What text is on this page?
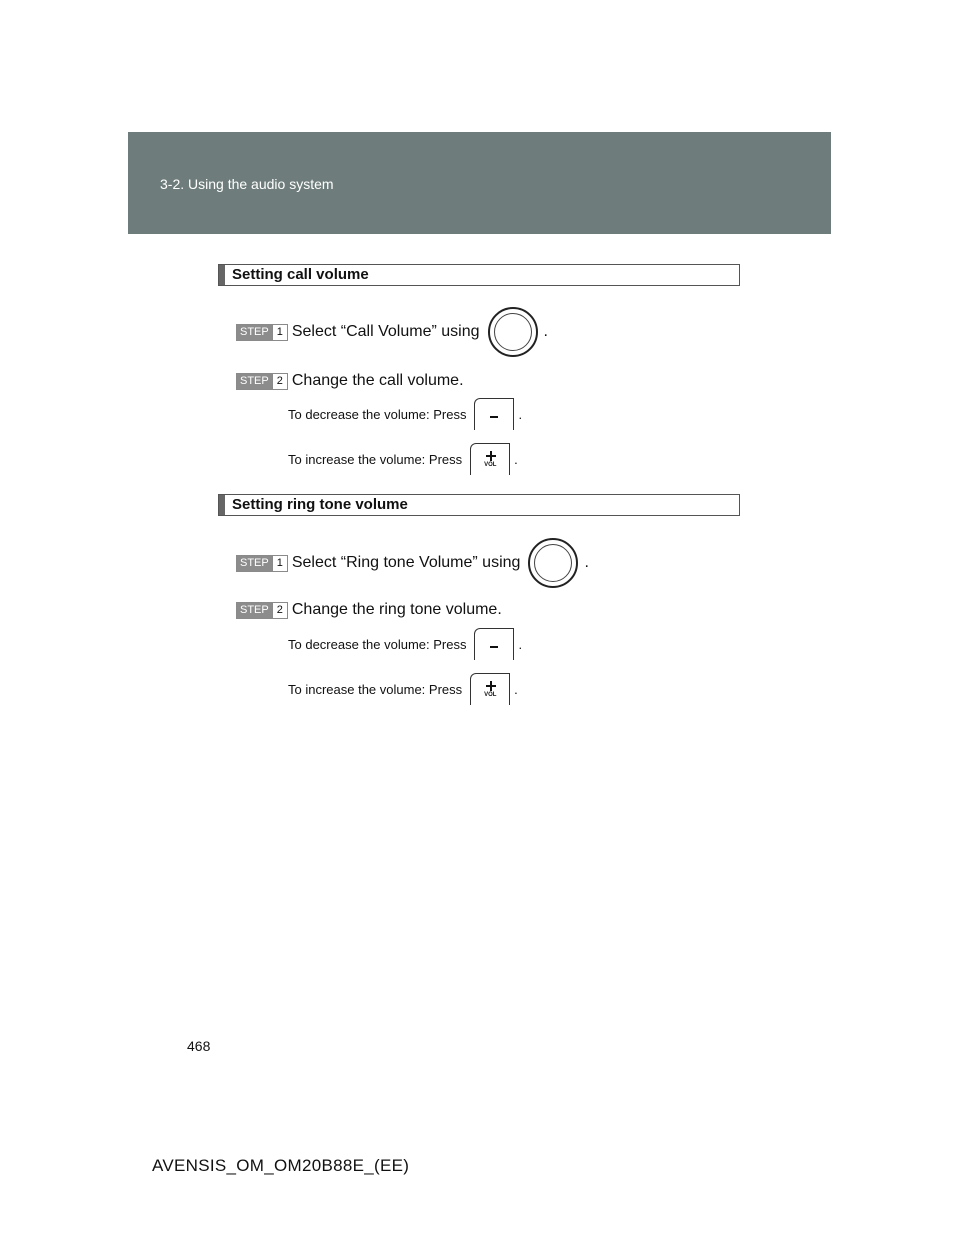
3-2. Using the audio system
Setting call volume
STEP 1 Select “Call Volume” using	.
STEP 2 Change the call volume.
To decrease the volume: Press	.
To increase the volume: Press	VOL .
Setting ring tone volume
STEP 1 Select “Ring tone Volume” using	.
STEP 2 Change the ring tone volume.
To decrease the volume: Press	.
To increase the volume: Press	VOL .
468
AVENSIS_OM_OM20B88E_(EE)
